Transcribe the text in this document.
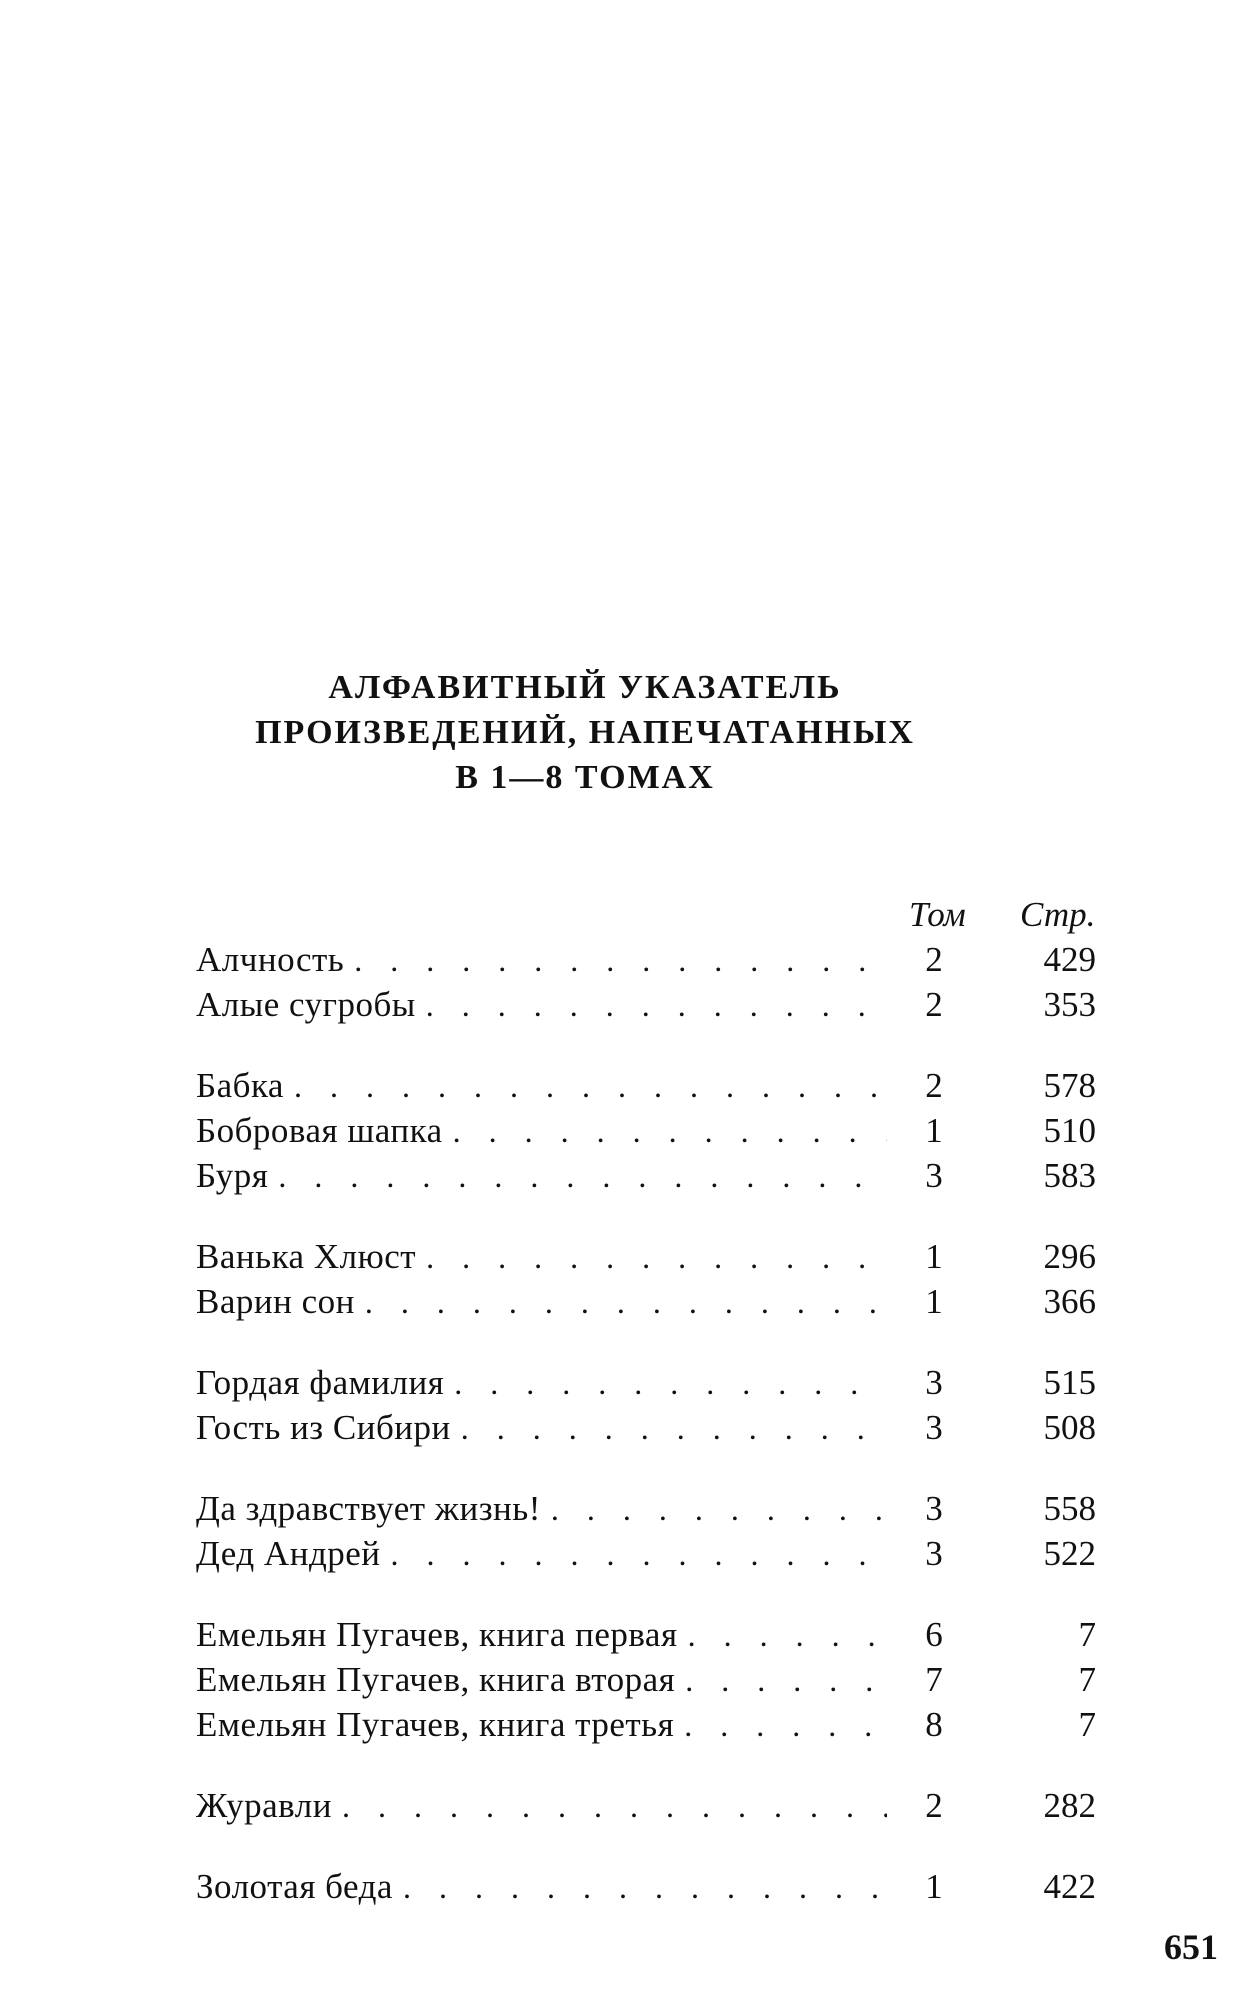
АЛФАВИТНЫЙ УКАЗАТЕЛЬ
ПРОИЗВЕДЕНИЙ, НАПЕЧАТАННЫХ
В 1—8 ТОМАХ
Том Стр.
Алчность . . .	2	429
Алые сугробы . . .	2	353
Бабка . . .	2	578
Бобровая шапка . . .	1	510
Буря . . .	3	583
Ванька Хлюст . . .	1	296
Варин сон . . .	1	366
Гордая фамилия . . .	3	515
Гость из Сибири . . .	3	508
Да здравствует жизнь! . . .	3	558
Дед Андрей . . .	3	522
Емельян Пугачев, книга первая . . .	6	7
Емельян Пугачев, книга вторая . . .	7	7
Емельян Пугачев, книга третья . . .	8	7
Журавли . . .	2	282
Золотая беда . . .	1	422
651
